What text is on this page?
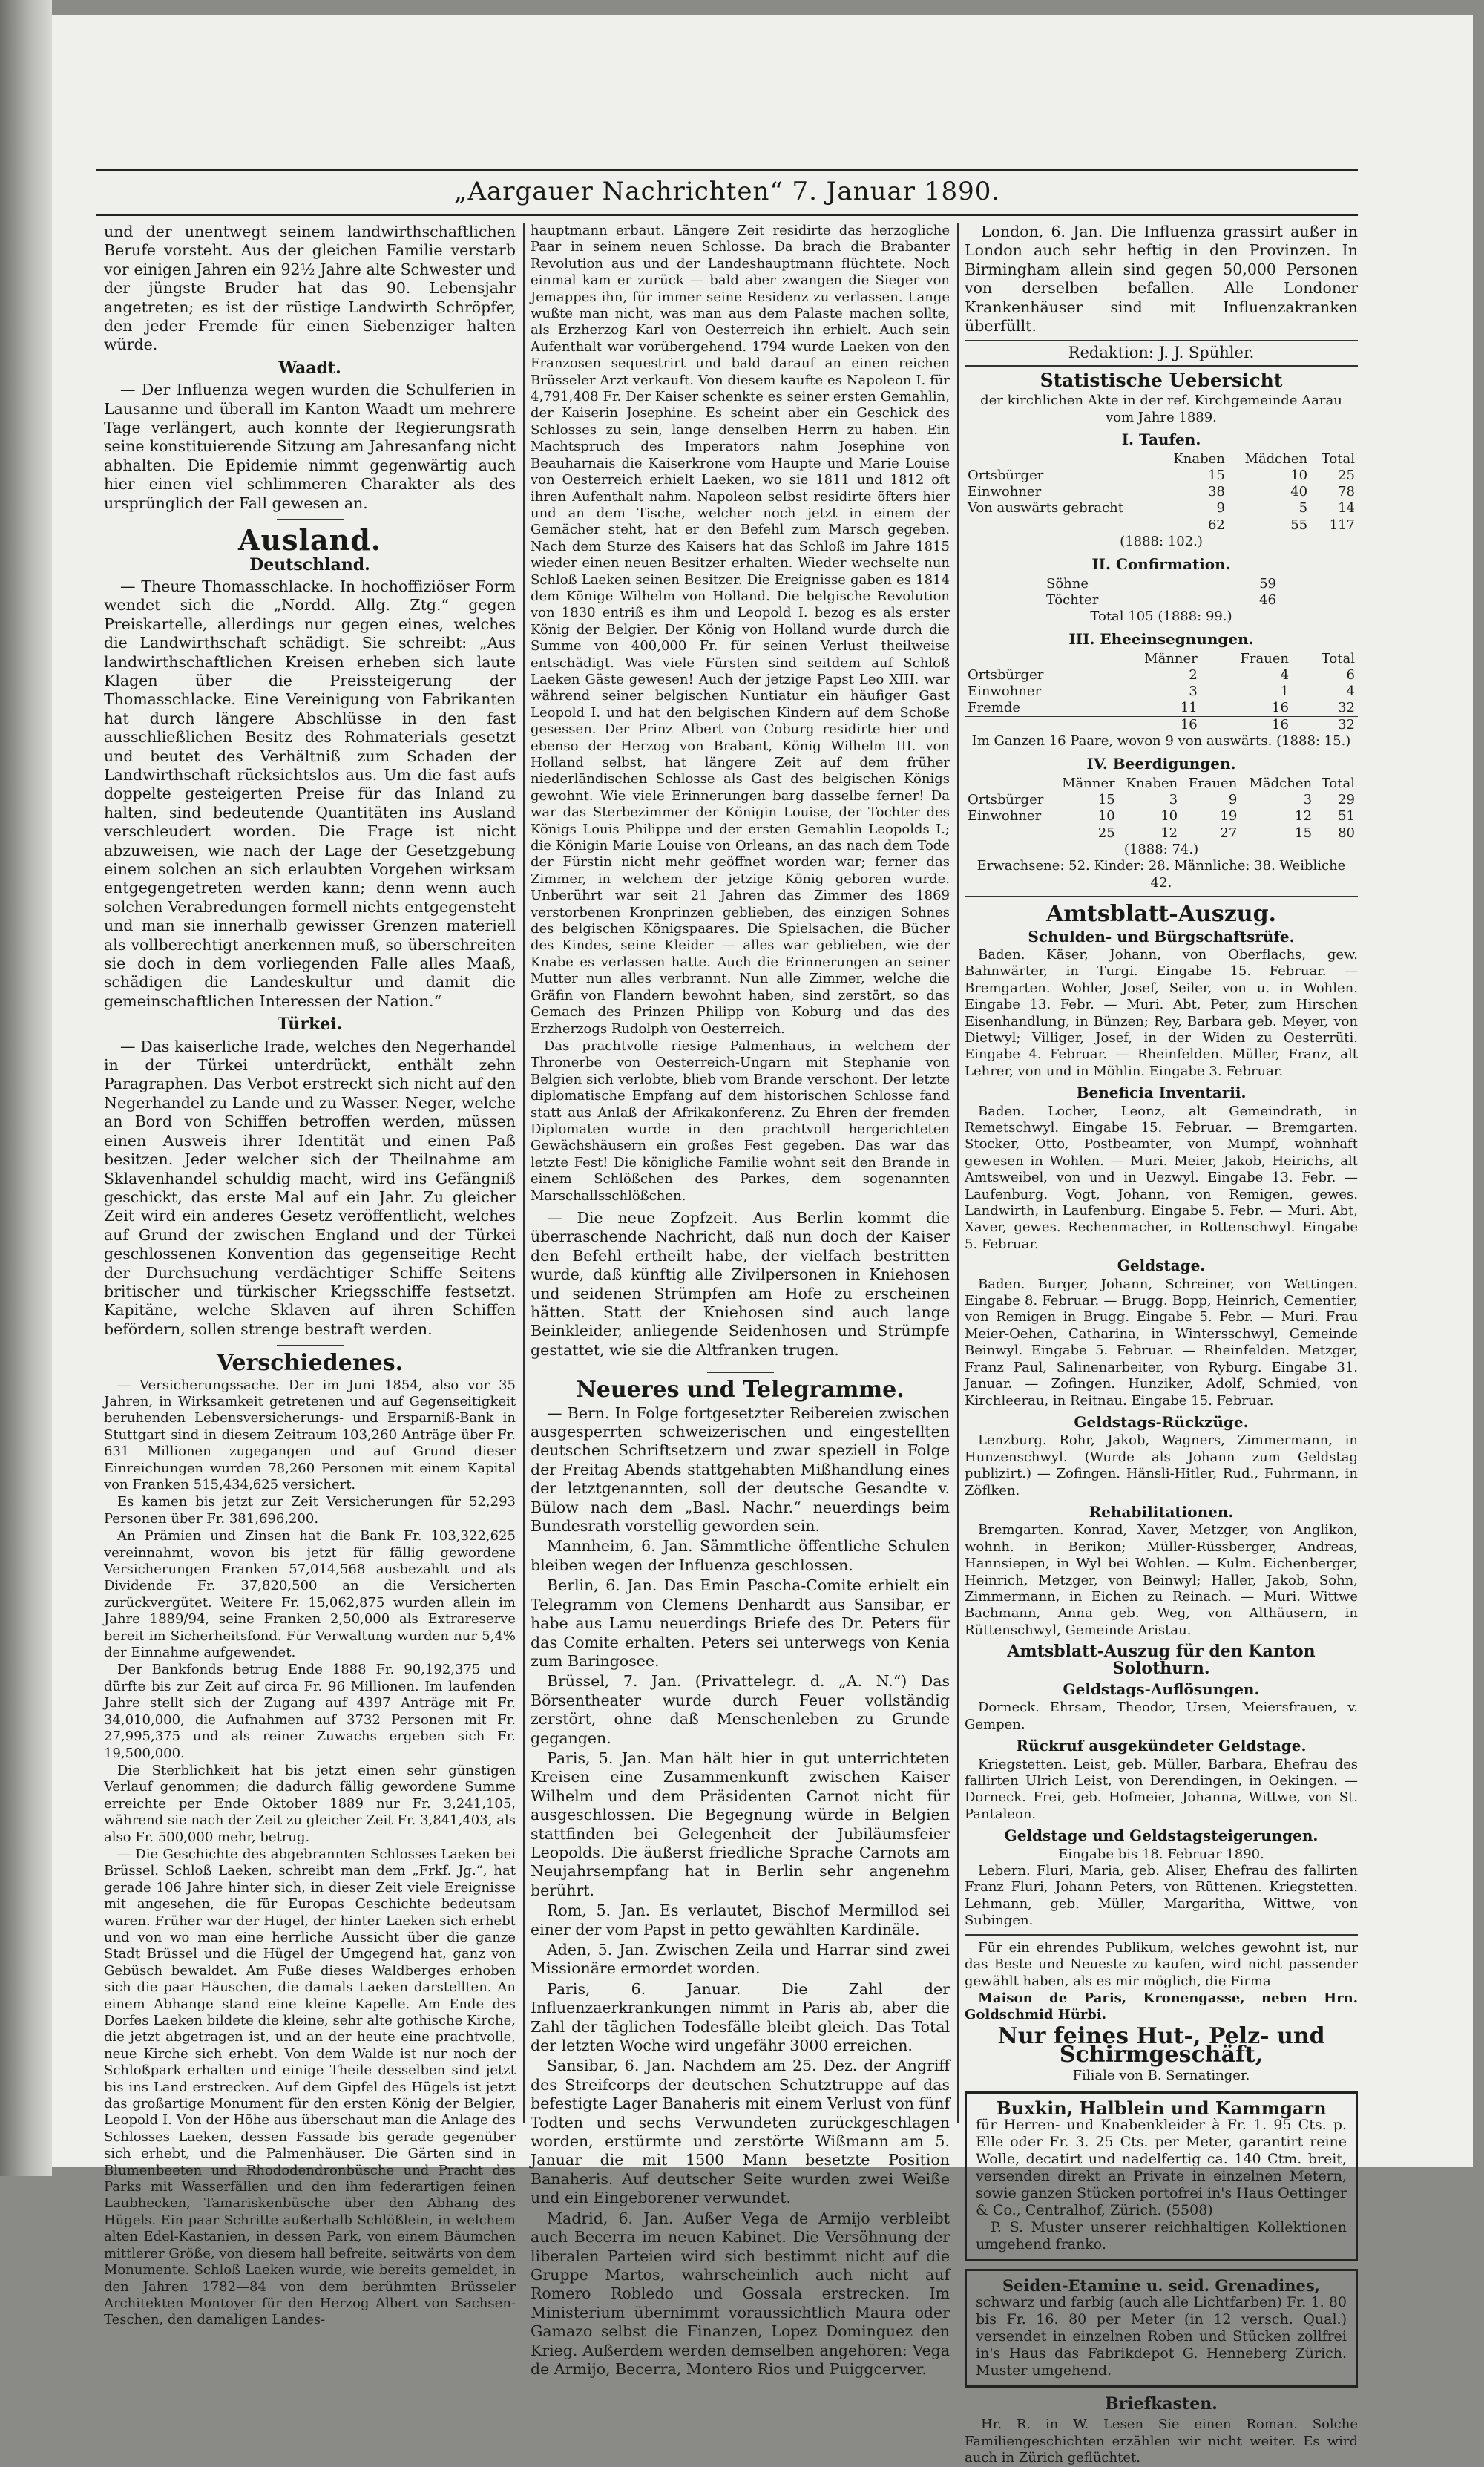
„Aargauer Nachrichten“ 7. Januar 1890.

und der unentwegt seinem landwirthschaftlichen Berufe vorsteht. Aus der gleichen Familie verstarb vor einigen Jahren ein 92½ Jahre alte Schwester und der jüngste Bruder hat das 90. Lebensjahr angetreten; es ist der rüstige Landwirth Schröpfer, den jeder Fremde für einen Siebenziger halten würde.

Waadt.

— Der Influenza wegen wurden die Schulferien in Lausanne und überall im Kanton Waadt um mehrere Tage verlängert, auch konnte der Regierungsrath seine konstituierende Sitzung am Jahresanfang nicht abhalten. Die Epidemie nimmt gegenwärtig auch hier einen viel schlimmeren Charakter als des ursprünglich der Fall gewesen an.

Ausland.
Deutschland.

— Theure Thomasschlacke. In hochoffiziöser Form wendet sich die „Nordd. Allg. Ztg.“ gegen Preiskartelle, allerdings nur gegen eines, welches die Landwirthschaft schädigt. Sie schreibt: „Aus landwirthschaftlichen Kreisen erheben sich laute Klagen über die Preissteigerung der Thomasschlacke. Eine Vereinigung von Fabrikanten hat durch längere Abschlüsse in den fast ausschließlichen Besitz des Rohmaterials gesetzt und beutet des Verhältniß zum Schaden der Landwirthschaft rücksichtslos aus. Um die fast aufs doppelte gesteigerten Preise für das Inland zu halten, sind bedeutende Quantitäten ins Ausland verschleudert worden. Die Frage ist nicht abzuweisen, wie nach der Lage der Gesetzgebung einem solchen an sich erlaubten Vorgehen wirksam entgegengetreten werden kann; denn wenn auch solchen Verabredungen formell nichts entgegensteht und man sie innerhalb gewisser Grenzen materiell als vollberechtigt anerkennen muß, so überschreiten sie doch in dem vorliegenden Falle alles Maaß, schädigen die Landeskultur und damit die gemeinschaftlichen Interessen der Nation.“

Türkei.

— Das kaiserliche Irade, welches den Negerhandel in der Türkei unterdrückt, enthält zehn Paragraphen. Das Verbot erstreckt sich nicht auf den Negerhandel zu Lande und zu Wasser. Neger, welche an Bord von Schiffen betroffen werden, müssen einen Ausweis ihrer Identität und einen Paß besitzen. Jeder welcher sich der Theilnahme am Sklavenhandel schuldig macht, wird ins Gefängniß geschickt, das erste Mal auf ein Jahr. Zu gleicher Zeit wird ein anderes Gesetz veröffentlicht, welches auf Grund der zwischen England und der Türkei geschlossenen Konvention das gegenseitige Recht der Durchsuchung verdächtiger Schiffe Seitens britischer und türkischer Kriegsschiffe festsetzt. Kapitäne, welche Sklaven auf ihren Schiffen befördern, sollen strenge bestraft werden.

Verschiedenes.

— Versicherungssache. Der im Juni 1854, also vor 35 Jahren, in Wirksamkeit getretenen und auf Gegenseitigkeit beruhenden Lebensversicherungs- und Ersparniß-Bank in Stuttgart sind in diesem Zeitraum 103,260 Anträge über Fr. 631 Millionen zugegangen und auf Grund dieser Einreichungen wurden 78,260 Personen mit einem Kapital von Franken 515,434,625 versichert.

Es kamen bis jetzt zur Zeit Versicherungen für 52,293 Personen über Fr. 381,696,200.

An Prämien und Zinsen hat die Bank Fr. 103,322,625 vereinnahmt, wovon bis jetzt für fällig gewordene Versicherungen Franken 57,014,568 ausbezahlt und als Dividende Fr. 37,820,500 an die Versicherten zurückvergütet. Weitere Fr. 15,062,875 wurden allein im Jahre 1889/94, seine Franken 2,50,000 als Extrareserve bereit im Sicherheitsfond. Für Verwaltung wurden nur 5,4% der Einnahme aufgewendet.

Der Bankfonds betrug Ende 1888 Fr. 90,192,375 und dürfte bis zur Zeit auf circa Fr. 96 Millionen. Im laufenden Jahre stellt sich der Zugang auf 4397 Anträge mit Fr. 34,010,000, die Aufnahmen auf 3732 Personen mit Fr. 27,995,375 und als reiner Zuwachs ergeben sich Fr. 19,500,000.

Die Sterblichkeit hat bis jetzt einen sehr günstigen Verlauf genommen; die dadurch fällig gewordene Summe erreichte per Ende Oktober 1889 nur Fr. 3,241,105, während sie nach der Zeit zu gleicher Zeit Fr. 3,841,403, als also Fr. 500,000 mehr, betrug.

— Die Geschichte des abgebrannten Schlosses Laeken bei Brüssel. Schloß Laeken, schreibt man dem „Frkf. Jg.“, hat gerade 106 Jahre hinter sich, in dieser Zeit viele Ereignisse mit angesehen, die für Europas Geschichte bedeutsam waren. Früher war der Hügel, der hinter Laeken sich erhebt und von wo man eine herrliche Aussicht über die ganze Stadt Brüssel und die Hügel der Umgegend hat, ganz von Gebüsch bewaldet. Am Fuße dieses Waldberges erhoben sich die paar Häuschen, die damals Laeken darstellten. An einem Abhange stand eine kleine Kapelle. Am Ende des Dorfes Laeken bildete die kleine, sehr alte gothische Kirche, die jetzt abgetragen ist, und an der heute eine prachtvolle, neue Kirche sich erhebt. Von dem Walde ist nur noch der Schloßpark erhalten und einige Theile desselben sind jetzt bis ins Land erstrecken. Auf dem Gipfel des Hügels ist jetzt das großartige Monument für den ersten König der Belgier, Leopold I. Von der Höhe aus überschaut man die Anlage des Schlosses Laeken, dessen Fassade bis gerade gegenüber sich erhebt, und die Palmenhäuser. Die Gärten sind in Blumenbeeten und Rhododendronbüsche und Pracht des Parks mit Wasserfällen und den ihm federartigen feinen Laubhecken, Tamariskenbüsche über den Abhang des Hügels. Ein paar Schritte außerhalb Schlößlein, in welchem alten Edel-Kastanien, in dessen Park, von einem Bäumchen mittlerer Größe, von diesem hall befreite, seitwärts von dem Monumente. Schloß Laeken wurde, wie bereits gemeldet, in den Jahren 1782—84 von dem berühmten Brüsseler Architekten Montoyer für den Herzog Albert von Sachsen-Teschen, den damaligen Landes-

hauptmann erbaut. Längere Zeit residirte das herzogliche Paar in seinem neuen Schlosse. Da brach die Brabanter Revolution aus und der Landeshauptmann flüchtete. Noch einmal kam er zurück — bald aber zwangen die Sieger von Jemappes ihn, für immer seine Residenz zu verlassen. Lange wußte man nicht, was man aus dem Palaste machen sollte, als Erzherzog Karl von Oesterreich ihn erhielt. Auch sein Aufenthalt war vorübergehend. 1794 wurde Laeken von den Franzosen sequestrirt und bald darauf an einen reichen Brüsseler Arzt verkauft. Von diesem kaufte es Napoleon I. für 4,791,408 Fr. Der Kaiser schenkte es seiner ersten Gemahlin, der Kaiserin Josephine. Es scheint aber ein Geschick des Schlosses zu sein, lange denselben Herrn zu haben. Ein Machtspruch des Imperators nahm Josephine von Beauharnais die Kaiserkrone vom Haupte und Marie Louise von Oesterreich erhielt Laeken, wo sie 1811 und 1812 oft ihren Aufenthalt nahm. Napoleon selbst residirte öfters hier und an dem Tische, welcher noch jetzt in einem der Gemächer steht, hat er den Befehl zum Marsch gegeben. Nach dem Sturze des Kaisers hat das Schloß im Jahre 1815 wieder einen neuen Besitzer erhalten. Wieder wechselte nun Schloß Laeken seinen Besitzer. Die Ereignisse gaben es 1814 dem Könige Wilhelm von Holland. Die belgische Revolution von 1830 entriß es ihm und Leopold I. bezog es als erster König der Belgier. Der König von Holland wurde durch die Summe von 400,000 Fr. für seinen Verlust theilweise entschädigt. Was viele Fürsten sind seitdem auf Schloß Laeken Gäste gewesen! Auch der jetzige Papst Leo XIII. war während seiner belgischen Nuntiatur ein häufiger Gast Leopold I. und hat den belgischen Kindern auf dem Schoße gesessen. Der Prinz Albert von Coburg residirte hier und ebenso der Herzog von Brabant, König Wilhelm III. von Holland selbst, hat längere Zeit auf dem früher niederländischen Schlosse als Gast des belgischen Königs gewohnt. Wie viele Erinnerungen barg dasselbe ferner! Da war das Sterbezimmer der Königin Louise, der Tochter des Königs Louis Philippe und der ersten Gemahlin Leopolds I.; die Königin Marie Louise von Orleans, an das nach dem Tode der Fürstin nicht mehr geöffnet worden war; ferner das Zimmer, in welchem der jetzige König geboren wurde. Unberührt war seit 21 Jahren das Zimmer des 1869 verstorbenen Kronprinzen geblieben, des einzigen Sohnes des belgischen Königspaares. Die Spielsachen, die Bücher des Kindes, seine Kleider — alles war geblieben, wie der Knabe es verlassen hatte. Auch die Erinnerungen an seiner Mutter nun alles verbrannt. Nun alle Zimmer, welche die Gräfin von Flandern bewohnt haben, sind zerstört, so das Gemach des Prinzen Philipp von Koburg und das des Erzherzogs Rudolph von Oesterreich.

Das prachtvolle riesige Palmenhaus, in welchem der Thronerbe von Oesterreich-Ungarn mit Stephanie von Belgien sich verlobte, blieb vom Brande verschont. Der letzte diplomatische Empfang auf dem historischen Schlosse fand statt aus Anlaß der Afrikakonferenz. Zu Ehren der fremden Diplomaten wurde in den prachtvoll hergerichteten Gewächshäusern ein großes Fest gegeben. Das war das letzte Fest! Die königliche Familie wohnt seit den Brande in einem Schlößchen des Parkes, dem sogenannten Marschallsschlößchen.

— Die neue Zopfzeit. Aus Berlin kommt die überraschende Nachricht, daß nun doch der Kaiser den Befehl ertheilt habe, der vielfach bestritten wurde, daß künftig alle Zivilpersonen in Kniehosen und seidenen Strümpfen am Hofe zu erscheinen hätten. Statt der Kniehosen sind auch lange Beinkleider, anliegende Seidenhosen und Strümpfe gestattet, wie sie die Altfranken trugen.

Neueres und Telegramme.

— Bern. In Folge fortgesetzter Reibereien zwischen ausgesperrten schweizerischen und eingestellten deutschen Schriftsetzern und zwar speziell in Folge der Freitag Abends stattgehabten Mißhandlung eines der letztgenannten, soll der deutsche Gesandte v. Bülow nach dem „Basl. Nachr.“ neuerdings beim Bundesrath vorstellig geworden sein.

Mannheim, 6. Jan. Sämmtliche öffentliche Schulen bleiben wegen der Influenza geschlossen.

Berlin, 6. Jan. Das Emin Pascha-Comite erhielt ein Telegramm von Clemens Denhardt aus Sansibar, er habe aus Lamu neuerdings Briefe des Dr. Peters für das Comite erhalten. Peters sei unterwegs von Kenia zum Baringosee.

Brüssel, 7. Jan. (Privattelegr. d. „A. N.“) Das Börsentheater wurde durch Feuer vollständig zerstört, ohne daß Menschenleben zu Grunde gegangen.

Paris, 5. Jan. Man hält hier in gut unterrichteten Kreisen eine Zusammenkunft zwischen Kaiser Wilhelm und dem Präsidenten Carnot nicht für ausgeschlossen. Die Begegnung würde in Belgien stattfinden bei Gelegenheit der Jubiläumsfeier Leopolds. Die äußerst friedliche Sprache Carnots am Neujahrsempfang hat in Berlin sehr angenehm berührt.

Rom, 5. Jan. Es verlautet, Bischof Mermillod sei einer der vom Papst in petto gewählten Kardinäle.

Aden, 5. Jan. Zwischen Zeila und Harrar sind zwei Missionäre ermordet worden.

Paris, 6. Januar. Die Zahl der Influenzaerkrankungen nimmt in Paris ab, aber die Zahl der täglichen Todesfälle bleibt gleich. Das Total der letzten Woche wird ungefähr 3000 erreichen.

Sansibar, 6. Jan. Nachdem am 25. Dez. der Angriff des Streifcorps der deutschen Schutztruppe auf das befestigte Lager Banaheris mit einem Verlust von fünf Todten und sechs Verwundeten zurückgeschlagen worden, erstürmte und zerstörte Wißmann am 5. Januar die mit 1500 Mann besetzte Position Banaheris. Auf deutscher Seite wurden zwei Weiße und ein Eingeborener verwundet.

Madrid, 6. Jan. Außer Vega de Armijo verbleibt auch Becerra im neuen Kabinet. Die Versöhnung der liberalen Parteien wird sich bestimmt nicht auf die Gruppe Martos, wahrscheinlich auch nicht auf Romero Robledo und Gossala erstrecken. Im Ministerium übernimmt voraussichtlich Maura oder Gamazo selbst die Finanzen, Lopez Dominguez den Krieg. Außerdem werden demselben angehören: Vega de Armijo, Becerra, Montero Rios und Puiggcerver.

London, 6. Jan. Die Influenza grassirt außer in London auch sehr heftig in den Provinzen. In Birmingham allein sind gegen 50,000 Personen von derselben befallen. Alle Londoner Krankenhäuser sind mit Influenzakranken überfüllt.

Redaktion: J. J. Spühler.
Statistische Uebersicht
der kirchlichen Akte in der ref. Kirchgemeinde Aarau vom Jahre 1889.
I. Taufen.
	Knaben	Mädchen	Total
Ortsbürger	15	10	25
Einwohner	38	40	78
Von auswärts gebracht	9	5	14
	62	55	117
(1888: 102.)
II. Confirmation.
Söhne	59
Töchter	46
Total 105 (1888: 99.)
III. Eheeinsegnungen.
	Männer	Frauen	Total
Ortsbürger	2	4	6
Einwohner	3	1	4
Fremde	11	16	32
	16	16	32
Im Ganzen 16 Paare, wovon 9 von auswärts. (1888: 15.)
IV. Beerdigungen.
	Männer	Knaben	Frauen	Mädchen	Total
Ortsbürger	15	3	9	3	29
Einwohner	10	10	19	12	51
	25	12	27	15	80
(1888: 74.)
Erwachsene: 52. Kinder: 28. Männliche: 38. Weibliche 42.
Amtsblatt-Auszug.
Schulden- und Bürgschaftsrüfe.

Baden. Käser, Johann, von Oberflachs, gew. Bahnwärter, in Turgi. Eingabe 15. Februar. — Bremgarten. Wohler, Josef, Seiler, von u. in Wohlen. Eingabe 13. Febr. — Muri. Abt, Peter, zum Hirschen Eisenhandlung, in Bünzen; Rey, Barbara geb. Meyer, von Dietwyl; Villiger, Josef, in der Widen zu Oesterrüti. Eingabe 4. Februar. — Rheinfelden. Müller, Franz, alt Lehrer, von und in Möhlin. Eingabe 3. Februar.

Beneficia Inventarii.

Baden. Locher, Leonz, alt Gemeindrath, in Remetschwyl. Eingabe 15. Februar. — Bremgarten. Stocker, Otto, Postbeamter, von Mumpf, wohnhaft gewesen in Wohlen. — Muri. Meier, Jakob, Heirichs, alt Amtsweibel, von und in Uezwyl. Eingabe 13. Febr. — Laufenburg. Vogt, Johann, von Remigen, gewes. Landwirth, in Laufenburg. Eingabe 5. Febr. — Muri. Abt, Xaver, gewes. Rechenmacher, in Rottenschwyl. Eingabe 5. Februar.

Geldstage.

Baden. Burger, Johann, Schreiner, von Wettingen. Eingabe 8. Februar. — Brugg. Bopp, Heinrich, Cementier, von Remigen in Brugg. Eingabe 5. Febr. — Muri. Frau Meier-Oehen, Catharina, in Wintersschwyl, Gemeinde Beinwyl. Eingabe 5. Februar. — Rheinfelden. Metzger, Franz Paul, Salinenarbeiter, von Ryburg. Eingabe 31. Januar. — Zofingen. Hunziker, Adolf, Schmied, von Kirchleerau, in Reitnau. Eingabe 15. Februar.

Geldstags-Rückzüge.

Lenzburg. Rohr, Jakob, Wagners, Zimmermann, in Hunzenschwyl. (Wurde als Johann zum Geldstag publizirt.) — Zofingen. Hänsli-Hitler, Rud., Fuhrmann, in Zöflken.

Rehabilitationen.

Bremgarten. Konrad, Xaver, Metzger, von Anglikon, wohnh. in Berikon; Müller-Rüssberger, Andreas, Hannsiepen, in Wyl bei Wohlen. — Kulm. Eichenberger, Heinrich, Metzger, von Beinwyl; Haller, Jakob, Sohn, Zimmermann, in Eichen zu Reinach. — Muri. Wittwe Bachmann, Anna geb. Weg, von Althäusern, in Rüttenschwyl, Gemeinde Aristau.

Amtsblatt-Auszug für den Kanton Solothurn.
Geldstags-Auflösungen.

Dorneck. Ehrsam, Theodor, Ursen, Meiersfrauen, v. Gempen.

Rückruf ausgekündeter Geldstage.

Kriegstetten. Leist, geb. Müller, Barbara, Ehefrau des fallirten Ulrich Leist, von Derendingen, in Oekingen. — Dorneck. Frei, geb. Hofmeier, Johanna, Wittwe, von St. Pantaleon.

Geldstage und Geldstagsteigerungen.
Eingabe bis 18. Februar 1890.

Lebern. Fluri, Maria, geb. Aliser, Ehefrau des fallirten Franz Fluri, Johann Peters, von Rüttenen. Kriegstetten. Lehmann, geb. Müller, Margaritha, Wittwe, von Subingen.

Für ein ehrendes Publikum, welches gewohnt ist, nur das Beste und Neueste zu kaufen, wird nicht passender gewählt haben, als es mir möglich, die Firma

Maison de Paris, Kronengasse, neben Hrn. Goldschmid Hürbi.

Nur feines Hut-, Pelz- und Schirmgeschäft,
Filiale von B. Sernatinger.
Buxkin, Halblein und Kammgarn
für Herren- und Knabenkleider à Fr. 1. 95 Cts. p. Elle oder Fr. 3. 25 Cts. per Meter, garantirt reine Wolle, decatirt und nadelfertig ca. 140 Ctm. breit, versenden direkt an Private in einzelnen Metern, sowie ganzen Stücken portofrei in's Haus Oettinger & Co., Centralhof, Zürich. (5508)
P. S. Muster unserer reichhaltigen Kollektionen umgehend franko.
Seiden-Etamine u. seid. Grenadines,
schwarz und farbig (auch alle Lichtfarben) Fr. 1. 80 bis Fr. 16. 80 per Meter (in 12 versch. Qual.) versendet in einzelnen Roben und Stücken zollfrei in's Haus das Fabrikdepot G. Henneberg Zürich. Muster umgehend.
Briefkasten.

Hr. R. in W. Lesen Sie einen Roman. Solche Familiengeschichten erzählen wir nicht weiter. Es wird auch in Zürich geflüchtet.
